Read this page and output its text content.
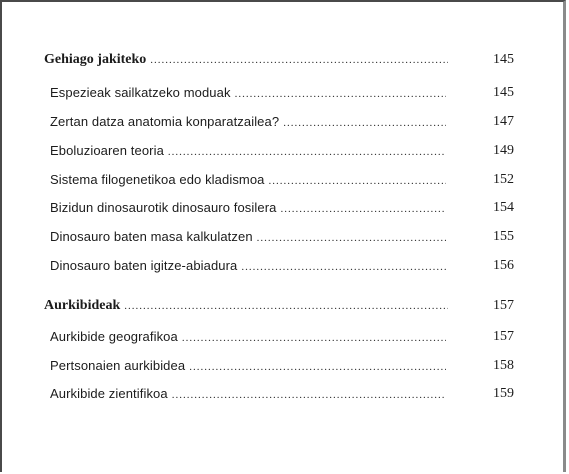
Gehiago jakiteko .....	145
Espezieak sailkatzeko moduak .....	145
Zertan datza anatomia konparatzailea? .....	147
Eboluzioaren teoria .....	149
Sistema filogenetikoa edo kladismoa .....	152
Bizidun dinosaurotik dinosauro fosilera .....	154
Dinosauro baten masa kalkulatzen .....	155
Dinosauro baten igitze-abiadura .....	156
Aurkibideak .....	157
Aurkibide geografikoa .....	157
Pertsonaien aurkibidea .....	158
Aurkibide zientifikoa .....	159
